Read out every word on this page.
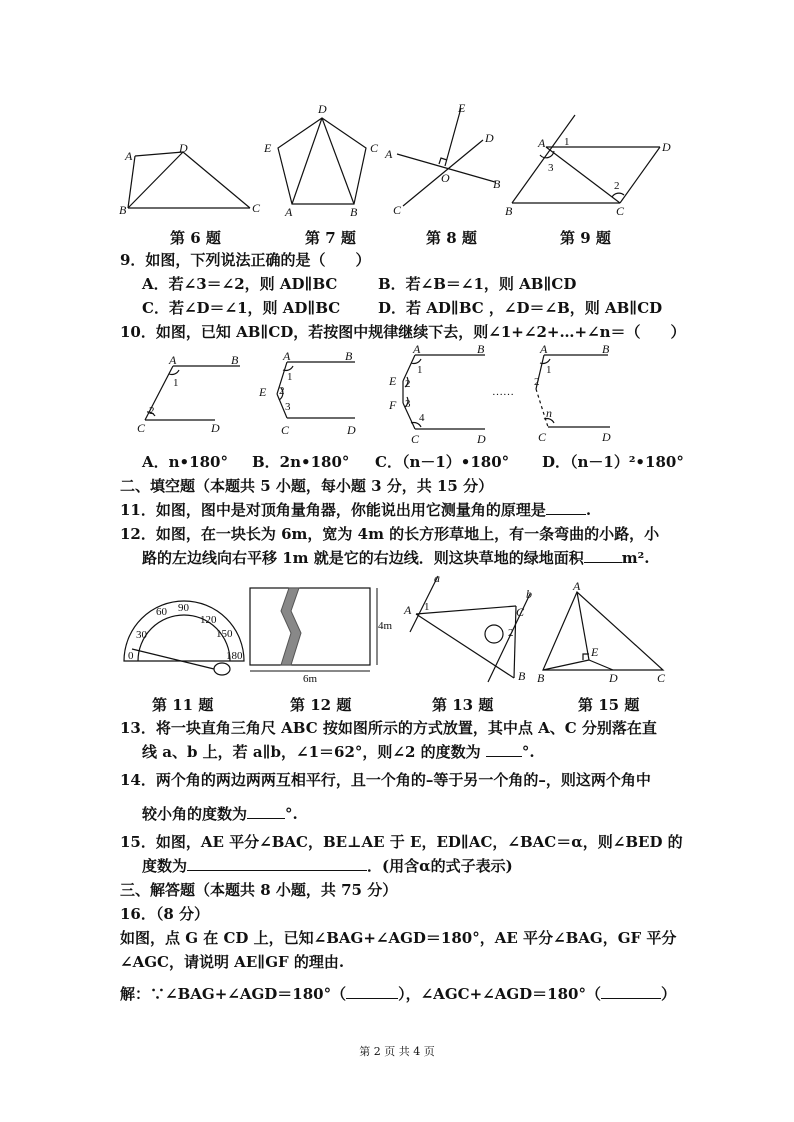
A
D
B	C
D
E	C
A	B
E
D
A
O	B
C
A	D
B	C
1
3
2
第 6 题	第 7 题	第 8 题	第 9 题
9．如图，下列说法正确的是（　　）
A．若∠3＝∠2，则 AD∥BC	B．若∠B＝∠1，则 AB∥CD
C．若∠D＝∠1，则 AD∥BC	D．若 AD∥BC ，∠D＝∠B，则 AB∥CD
10．如图，已知 AB∥CD，若按图中规律继续下去，则∠1+∠2+…+∠n＝（　　）
A	B
1
2
C	D
A	B
1
E 2
3
C	D
A	B
1
E 2
F 3
4
C	D
A	B
1
2
……
n
C	D
A．n•180° B．2n•180° C．（n－1）•180° D．（n－1）²•180°
二、填空题（本题共 5 小题，每小题 3 分，共 15 分）
11．如图，图中是对顶角量角器，你能说出用它测量角的原理是	.
12．如图，在一块长为 6m，宽为 4m 的长方形草地上，有一条弯曲的小路，小
路的左边线向右平移 1m 就是它的右边线．则这块草地的绿地面积	m².
0
30
60 90
120
150
180
4m
6m
a
b
A 1	C
2
B
A
E
B	D	C
第 11 题	第 12 题	第 13 题	第 15 题
13．将一块直角三角尺 ABC 按如图所示的方式放置，其中点 A、C 分别落在直
线 a、b 上，若 a∥b，∠1＝62°，则∠2 的度数为	°.
14．两个角的两边两两互相平行，且一个角的–等于另一个角的–，则这两个角中
较小角的度数为	°.
15．如图，AE 平分∠BAC，BE⊥AE 于 E，ED∥AC，∠BAC＝α，则∠BED 的
度数为	．(用含α的式子表示)
三、解答题（本题共 8 小题，共 75 分）
16．（8 分）
如图，点 G 在 CD 上，已知∠BAG+∠AGD＝180°，AE 平分∠BAG，GF 平分
∠AGC，请说明 AE∥GF 的理由.
解：∵∠BAG+∠AGD＝180°（	），∠AGC+∠AGD＝180°（	）
第 2 页 共 4 页
